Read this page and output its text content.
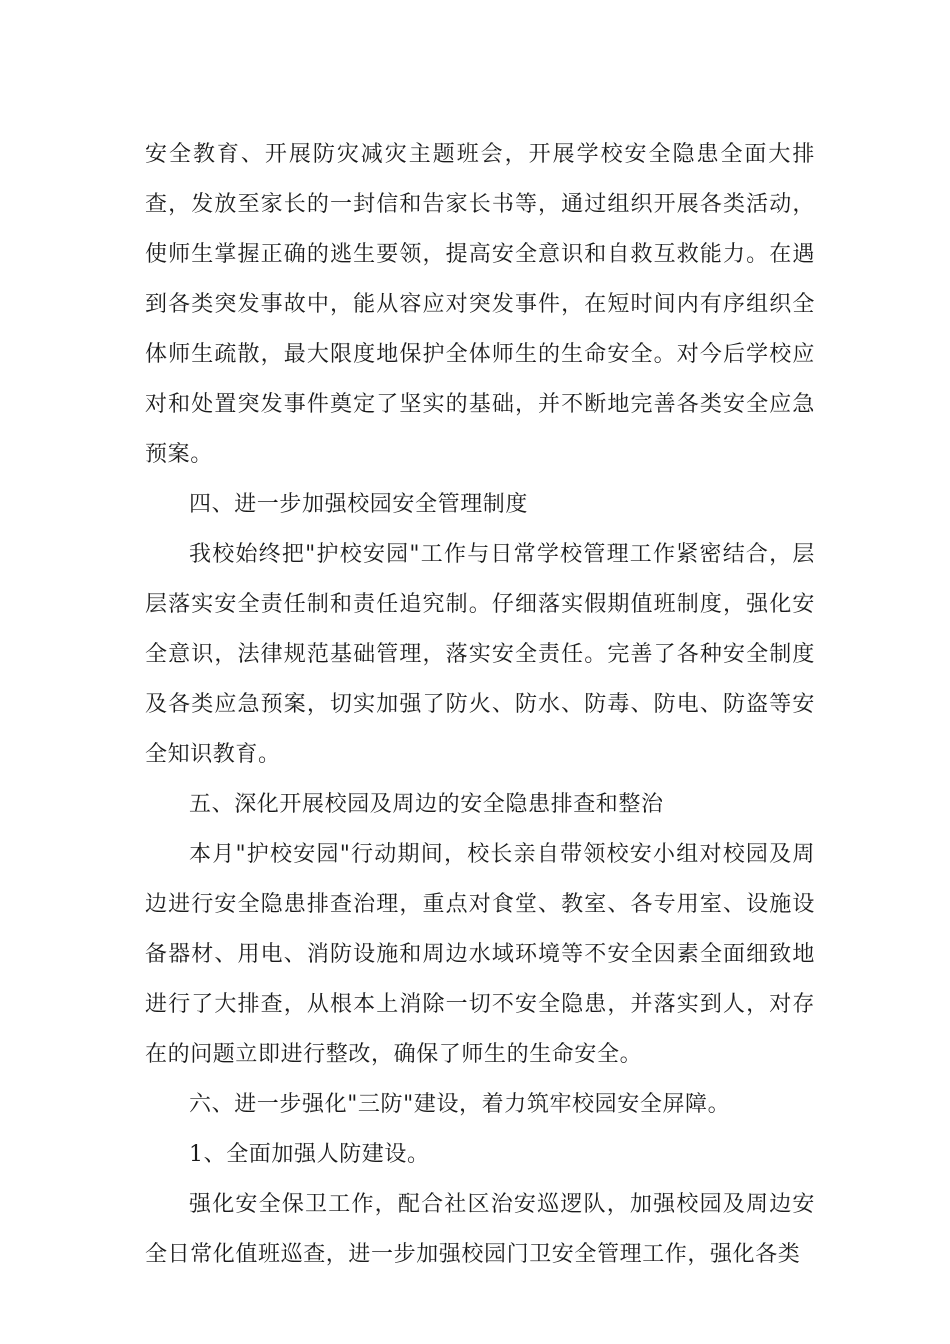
安全教育、开展防灾减灾主题班会，开展学校安全隐患全面大排查，发放至家长的一封信和告家长书等，通过组织开展各类活动，使师生掌握正确的逃生要领，提高安全意识和自救互救能力。在遇到各类突发事故中，能从容应对突发事件，在短时间内有序组织全体师生疏散，最大限度地保护全体师生的生命安全。对今后学校应对和处置突发事件奠定了坚实的基础，并不断地完善各类安全应急预案。

四、进一步加强校园安全管理制度

我校始终把"护校安园"工作与日常学校管理工作紧密结合，层层落实安全责任制和责任追究制。仔细落实假期值班制度，强化安全意识，法律规范基础管理，落实安全责任。完善了各种安全制度及各类应急预案，切实加强了防火、防水、防毒、防电、防盗等安全知识教育。

五、深化开展校园及周边的安全隐患排查和整治

本月"护校安园"行动期间，校长亲自带领校安小组对校园及周边进行安全隐患排查治理，重点对食堂、教室、各专用室、设施设备器材、用电、消防设施和周边水域环境等不安全因素全面细致地进行了大排查，从根本上消除一切不安全隐患，并落实到人，对存在的问题立即进行整改，确保了师生的生命安全。

六、进一步强化"三防"建设，着力筑牢校园安全屏障。

1、全面加强人防建设。

强化安全保卫工作，配合社区治安巡逻队，加强校园及周边安全日常化值班巡查，进一步加强校园门卫安全管理工作，强化各类
